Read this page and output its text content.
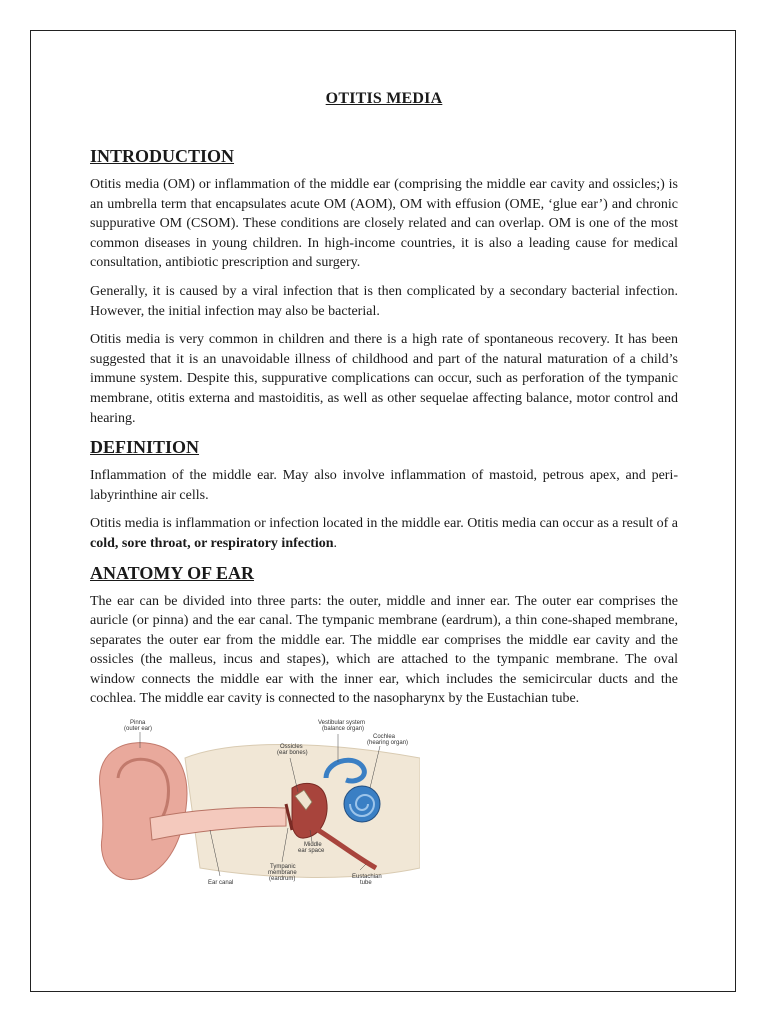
OTITIS MEDIA
INTRODUCTION

Otitis media (OM) or inflammation of the middle ear (comprising the middle ear cavity and ossicles;) is an umbrella term that encapsulates acute OM (AOM), OM with effusion (OME, ‘glue ear’) and chronic suppurative OM (CSOM). These conditions are closely related and can overlap. OM is one of the most common diseases in young children. In high-income countries, it is also a leading cause for medical consultation, antibiotic prescription and surgery.

Generally, it is caused by a viral infection that is then complicated by a secondary bacterial infection. However, the initial infection may also be bacterial.

Otitis media is very common in children and there is a high rate of spontaneous recovery. It has been suggested that it is an unavoidable illness of childhood and part of the natural maturation of a child’s immune system. Despite this, suppurative complications can occur, such as perforation of the tympanic membrane, otitis externa and mastoiditis, as well as other sequelae affecting balance, motor control and hearing.

DEFINITION

Inflammation of the middle ear. May also involve inflammation of mastoid, petrous apex, and peri-labyrinthine air cells.

Otitis media is inflammation or infection located in the middle ear. Otitis media can occur as a result of a cold, sore throat, or respiratory infection.

ANATOMY OF EAR

The ear can be divided into three parts: the outer, middle and inner ear. The outer ear comprises the auricle (or pinna) and the ear canal. The tympanic membrane (eardrum), a thin cone-shaped membrane, separates the outer ear from the middle ear. The middle ear comprises the middle ear cavity and the ossicles (the malleus, incus and stapes), which are attached to the tympanic membrane. The oval window connects the middle ear with the inner ear, which includes the semicircular ducts and the cochlea. The middle ear cavity is connected to the nasopharynx by the Eustachian tube.

Pinna
(outer ear)
Vestibular system
(balance organ)
Cochlea
(hearing organ)
Ossicles
(ear bones)
Middle
ear space
Tympanic
membrane
(eardrum)
Ear canal
Eustachian
tube
